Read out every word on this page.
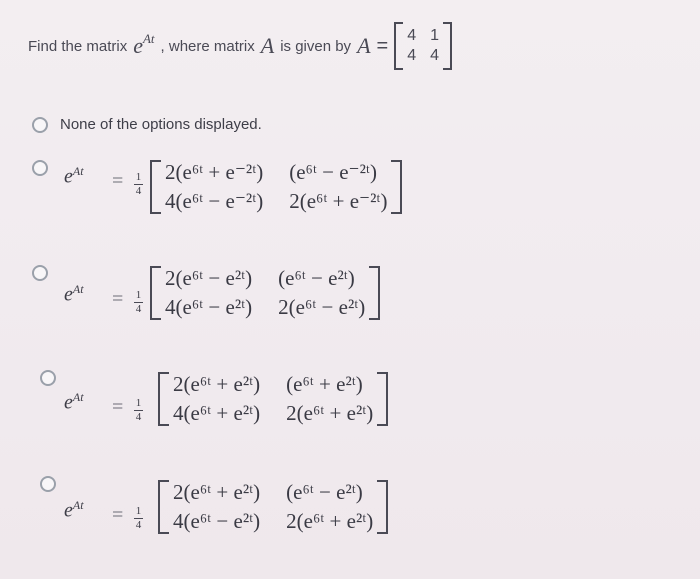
Find the matrix eAt , where matrix A is given by A = 4 1
4 4
None of the options displayed.
$e^{At} = 1$
4
2(e⁶ᵗ + e⁻²ᵗ) (e⁶ᵗ − e⁻²ᵗ)
4(e⁶ᵗ − e⁻²ᵗ) 2(e⁶ᵗ + e⁻²ᵗ)
$e^{At} = 1$
4
2(e⁶ᵗ − e²ᵗ) (e⁶ᵗ − e²ᵗ)
4(e⁶ᵗ − e²ᵗ) 2(e⁶ᵗ − e²ᵗ)
$e^{At} = 1$
4
2(e⁶ᵗ + e²ᵗ) (e⁶ᵗ + e²ᵗ)
4(e⁶ᵗ + e²ᵗ) 2(e⁶ᵗ + e²ᵗ)
$e^{At} = 1$
4
2(e⁶ᵗ + e²ᵗ) (e⁶ᵗ − e²ᵗ)
4(e⁶ᵗ − e²ᵗ) 2(e⁶ᵗ + e²ᵗ)
